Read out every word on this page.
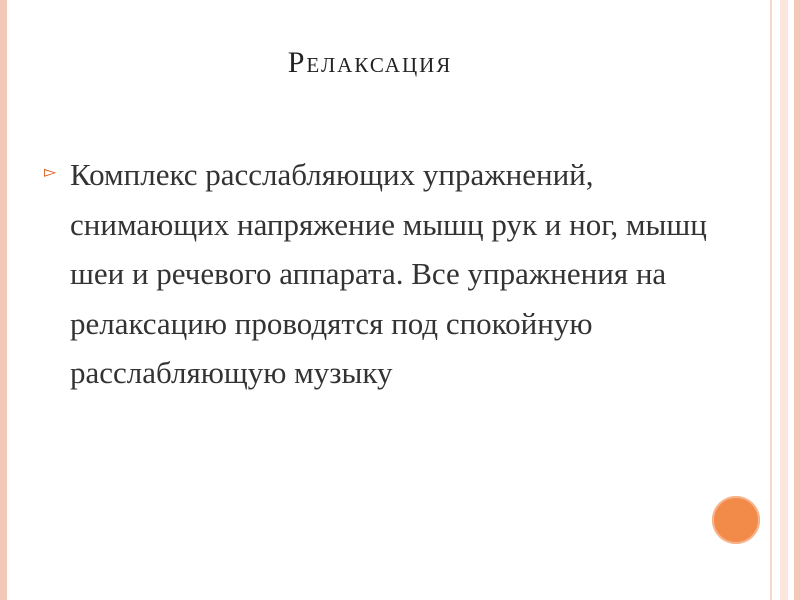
Релаксация
▻ Комплекс расслабляющих упражнений, снимающих напряжение мышц рук и ног, мышц шеи и речевого аппарата. Все упражнения на релаксацию проводятся под спокойную расслабляющую музыку
